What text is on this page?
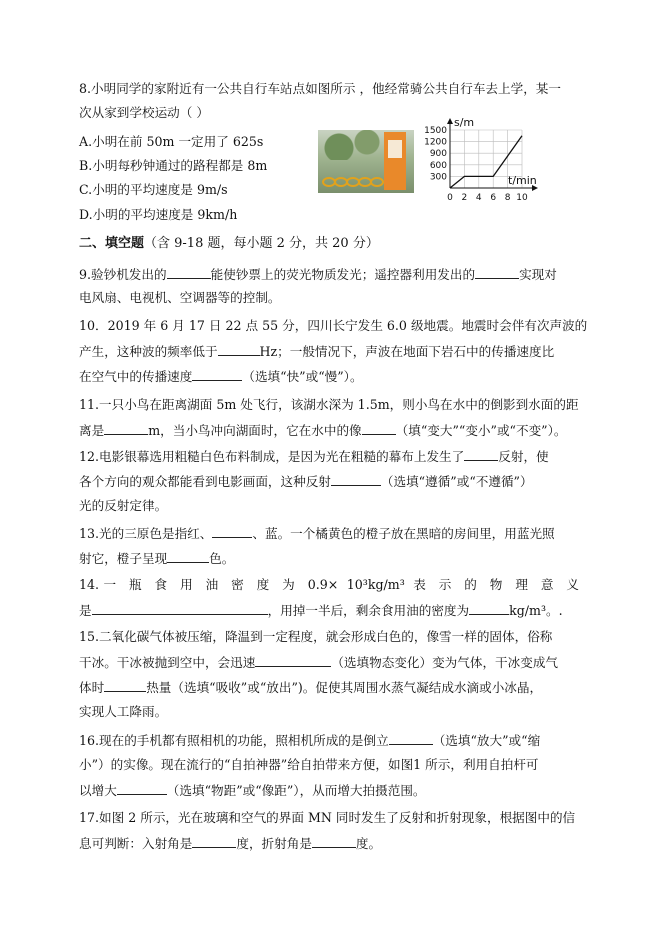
8.小明同学的家附近有一公共自行车站点如图所示 ，他经常骑公共自行车去上学，某一
次从家到学校运动（ ）
A.小明在前 50m 一定用了 625s
B.小明每秒钟通过的路程都是 8m
C.小明的平均速度是 9m/s
D.小明的平均速度是 9km/h
1500
1200
900
600
300
0 2 4 6 8 10
s/m
t/min
二、填空题（含 9-18 题，每小题 2 分，共 20 分）
9.验钞机发出的	能使钞票上的荧光物质发光；遥控器利用发出的	实现对
电风扇、电视机、空调器等的控制。
10．2019 年 6 月 17 日 22 点 55 分，四川长宁发生 6.0 级地震。地震时会伴有次声波的
产生，这种波的频率低于	Hz；一般情况下，声波在地面下岩石中的传播速度比
在空气中的传播速度	（选填“快”或“慢”）。
11.一只小鸟在距离湖面 5m 处飞行，该湖水深为 1.5m，则小鸟在水中的倒影到水面的距
离是	m，当小鸟冲向湖面时，它在水中的像	（填“变大”“变小”或“不变”）。
12.电影银幕选用粗糙白色布料制成，是因为光在粗糙的幕布上发生了	反射，使
各个方向的观众都能看到电影画面，这种反射	（选填“遵循”或“不遵循”）
光的反射定律。
13.光的三原色是指红、	、蓝。一个橘黄色的橙子放在黑暗的房间里，用蓝光照
射它，橙子呈现	色。
14.一 瓶 食 用 油 密 度 为 0.9× 10³kg/m³ 表 示 的 物 理 意 义
是	，用掉一半后，剩余食用油的密度为	kg/m³。.
15.二氧化碳气体被压缩，降温到一定程度，就会形成白色的，像雪一样的固体，俗称
干冰。干冰被抛到空中，会迅速	（选填物态变化）变为气体，干冰变成气
体时	热量（选填“吸收”或“放出”)。促使其周围水蒸气凝结成水滴或小冰晶，
实现人工降雨。
16.现在的手机都有照相机的功能，照相机所成的是倒立	（选填“放大”或“缩
小”）的实像。现在流行的“自拍神器”给自拍带来方便，如图1 所示，利用自拍杆可
以增大	（选填“物距”或“像距”），从而增大拍摄范围。
17.如图 2 所示，光在玻璃和空气的界面 MN 同时发生了反射和折射现象，根据图中的信
息可判断：入射角是	度，折射角是	度。
